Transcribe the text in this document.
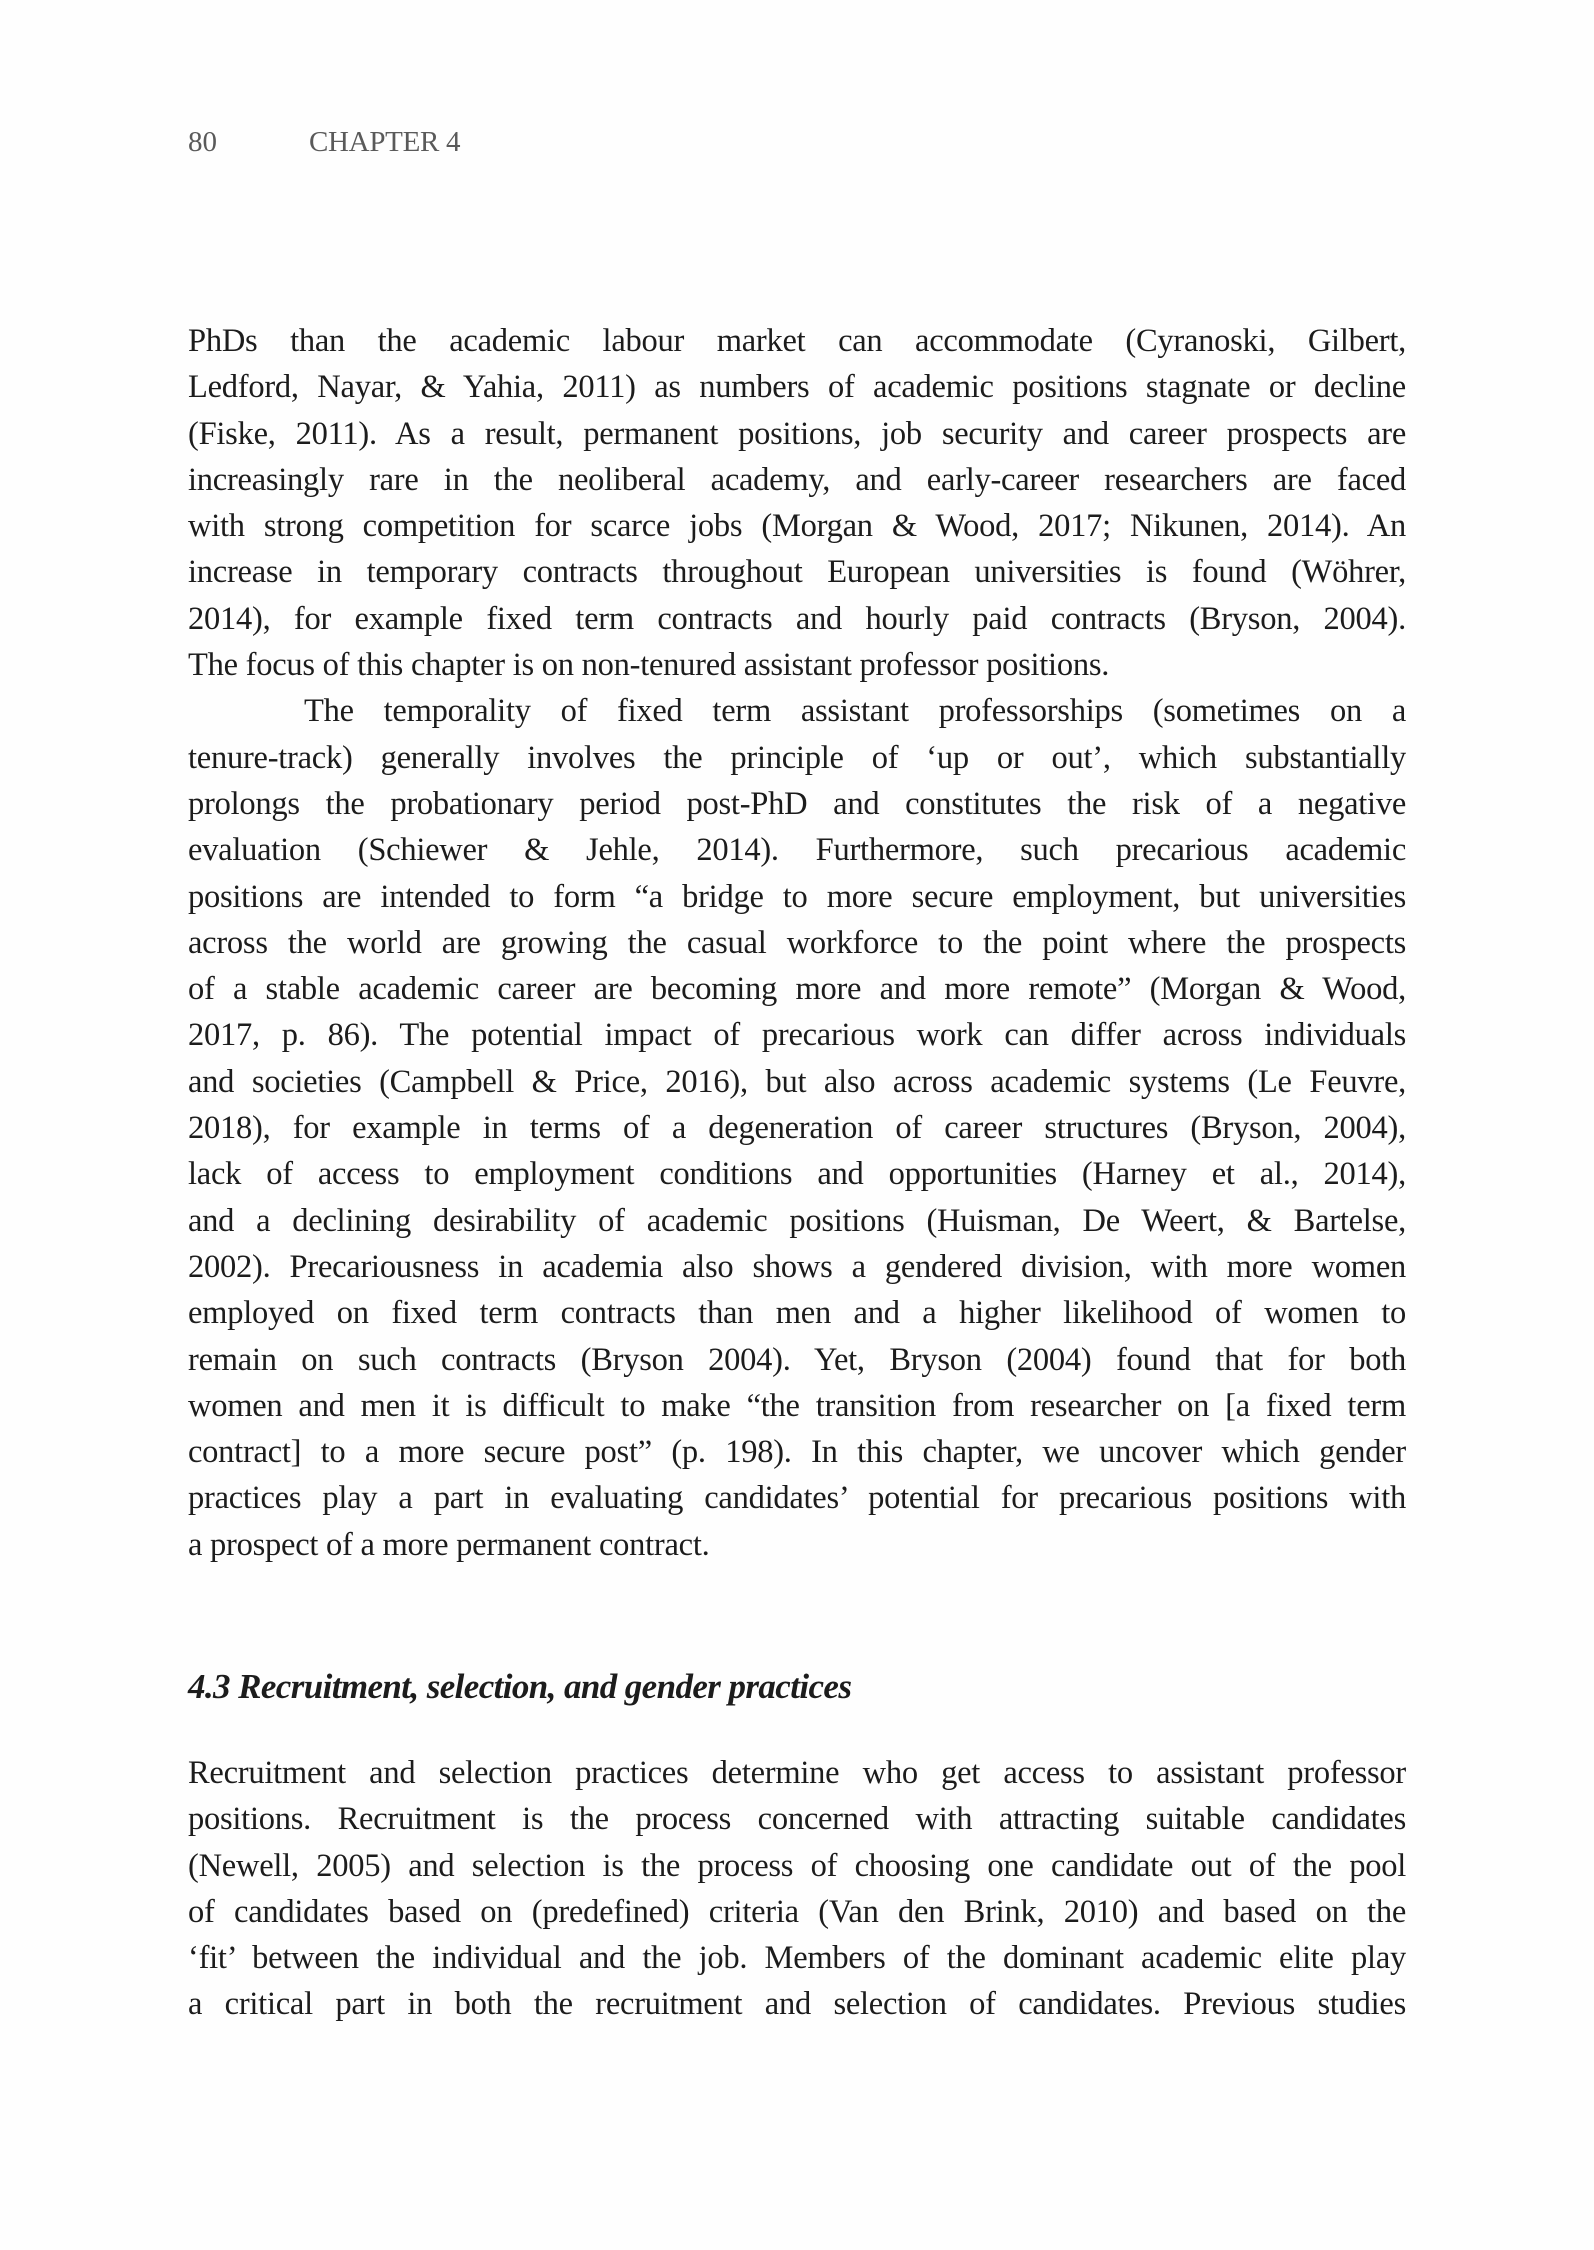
80	CHAPTER 4
PhDs than the academic labour market can accommodate (Cyranoski, Gilbert,
Ledford, Nayar, & Yahia, 2011) as numbers of academic positions stagnate or decline
(Fiske, 2011). As a result, permanent positions, job security and career prospects are
increasingly rare in the neoliberal academy, and early-career researchers are faced
with strong competition for scarce jobs (Morgan & Wood, 2017; Nikunen, 2014). An
increase in temporary contracts throughout European universities is found (Wöhrer,
2014), for example fixed term contracts and hourly paid contracts (Bryson, 2004).
The focus of this chapter is on non-tenured assistant professor positions.
The temporality of fixed term assistant professorships (sometimes on a
tenure-track) generally involves the principle of ‘up or out’, which substantially
prolongs the probationary period post-PhD and constitutes the risk of a negative
evaluation (Schiewer & Jehle, 2014). Furthermore, such precarious academic
positions are intended to form “a bridge to more secure employment, but universities
across the world are growing the casual workforce to the point where the prospects
of a stable academic career are becoming more and more remote” (Morgan & Wood,
2017, p. 86). The potential impact of precarious work can differ across individuals
and societies (Campbell & Price, 2016), but also across academic systems (Le Feuvre,
2018), for example in terms of a degeneration of career structures (Bryson, 2004),
lack of access to employment conditions and opportunities (Harney et al., 2014),
and a declining desirability of academic positions (Huisman, De Weert, & Bartelse,
2002). Precariousness in academia also shows a gendered division, with more women
employed on fixed term contracts than men and a higher likelihood of women to
remain on such contracts (Bryson 2004). Yet, Bryson (2004) found that for both
women and men it is difficult to make “the transition from researcher on [a fixed term
contract] to a more secure post” (p. 198). In this chapter, we uncover which gender
practices play a part in evaluating candidates’ potential for precarious positions with
a prospect of a more permanent contract.
4.3 Recruitment, selection, and gender practices
Recruitment and selection practices determine who get access to assistant professor
positions. Recruitment is the process concerned with attracting suitable candidates
(Newell, 2005) and selection is the process of choosing one candidate out of the pool
of candidates based on (predefined) criteria (Van den Brink, 2010) and based on the
‘fit’ between the individual and the job. Members of the dominant academic elite play
a critical part in both the recruitment and selection of candidates. Previous studies
